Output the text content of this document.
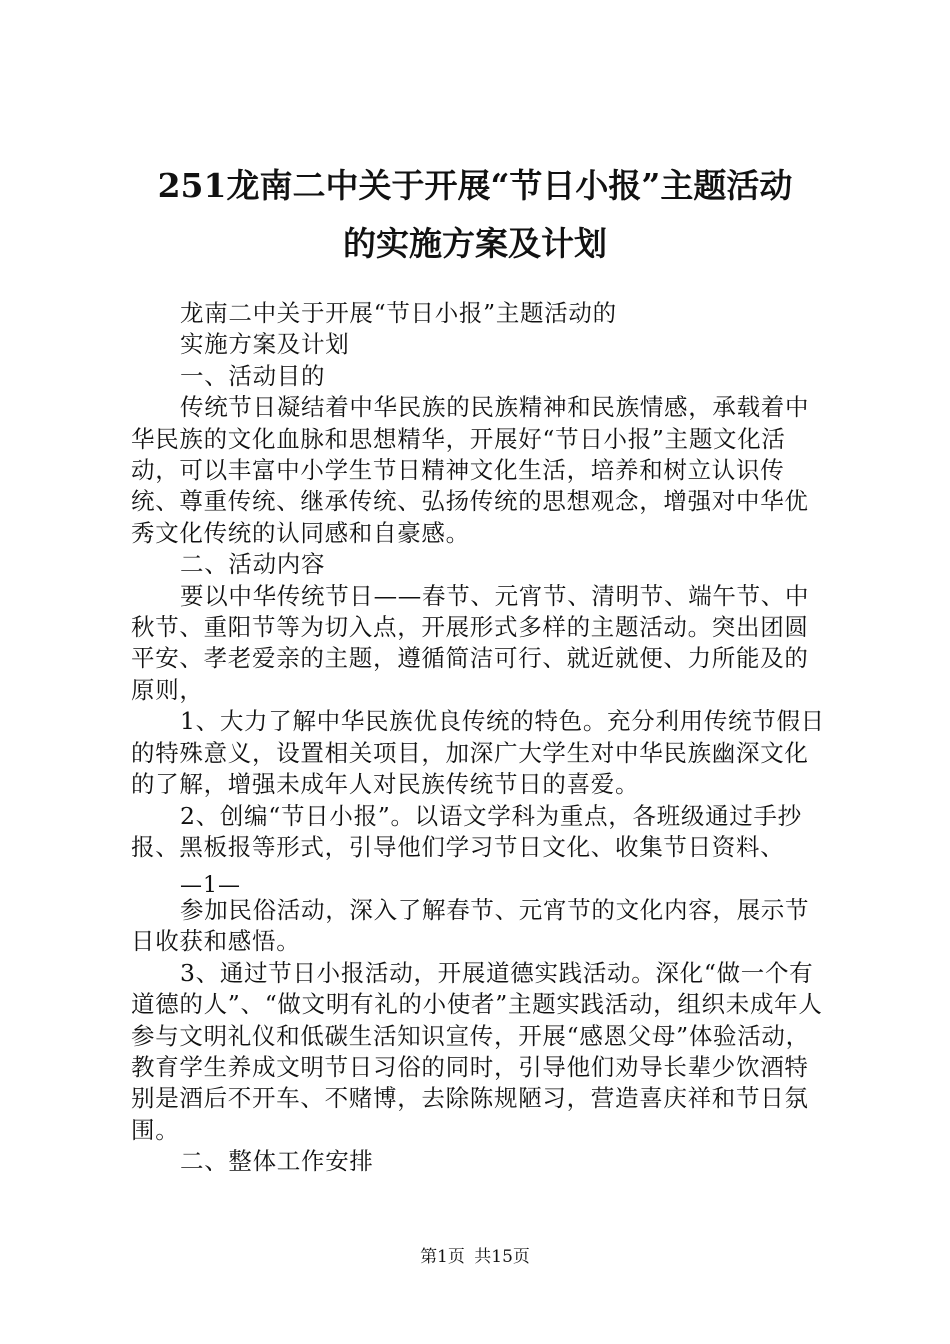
251龙南二中关于开展“节日小报”主题活动
的实施方案及计划

龙南二中关于开展“节日小报”主题活动的

实施方案及计划

一、活动目的

传统节日凝结着中华民族的民族精神和民族情感，承载着中华民族的文化血脉和思想精华，开展好“节日小报”主题文化活动，可以丰富中小学生节日精神文化生活，培养和树立认识传统、尊重传统、继承传统、弘扬传统的思想观念，增强对中华优秀文化传统的认同感和自豪感。

二、活动内容

要以中华传统节日——春节、元宵节、清明节、端午节、中秋节、重阳节等为切入点，开展形式多样的主题活动。突出团圆平安、孝老爱亲的主题，遵循简洁可行、就近就便、力所能及的原则，

1、大力了解中华民族优良传统的特色。充分利用传统节假日的特殊意义，设置相关项目，加深广大学生对中华民族幽深文化的了解，增强未成年人对民族传统节日的喜爱。

2、创编“节日小报”。以语文学科为重点，各班级通过手抄报、黑板报等形式，引导他们学习节日文化、收集节日资料、

—1—

参加民俗活动，深入了解春节、元宵节的文化内容，展示节日收获和感悟。

3、通过节日小报活动，开展道德实践活动。深化“做一个有道德的人”、“做文明有礼的小使者”主题实践活动，组织未成年人参与文明礼仪和低碳生活知识宣传，开展“感恩父母”体验活动，教育学生养成文明节日习俗的同时，引导他们劝导长辈少饮酒特别是酒后不开车、不赌博，去除陈规陋习，营造喜庆祥和节日氛围。

二、整体工作安排

第1页 共15页
